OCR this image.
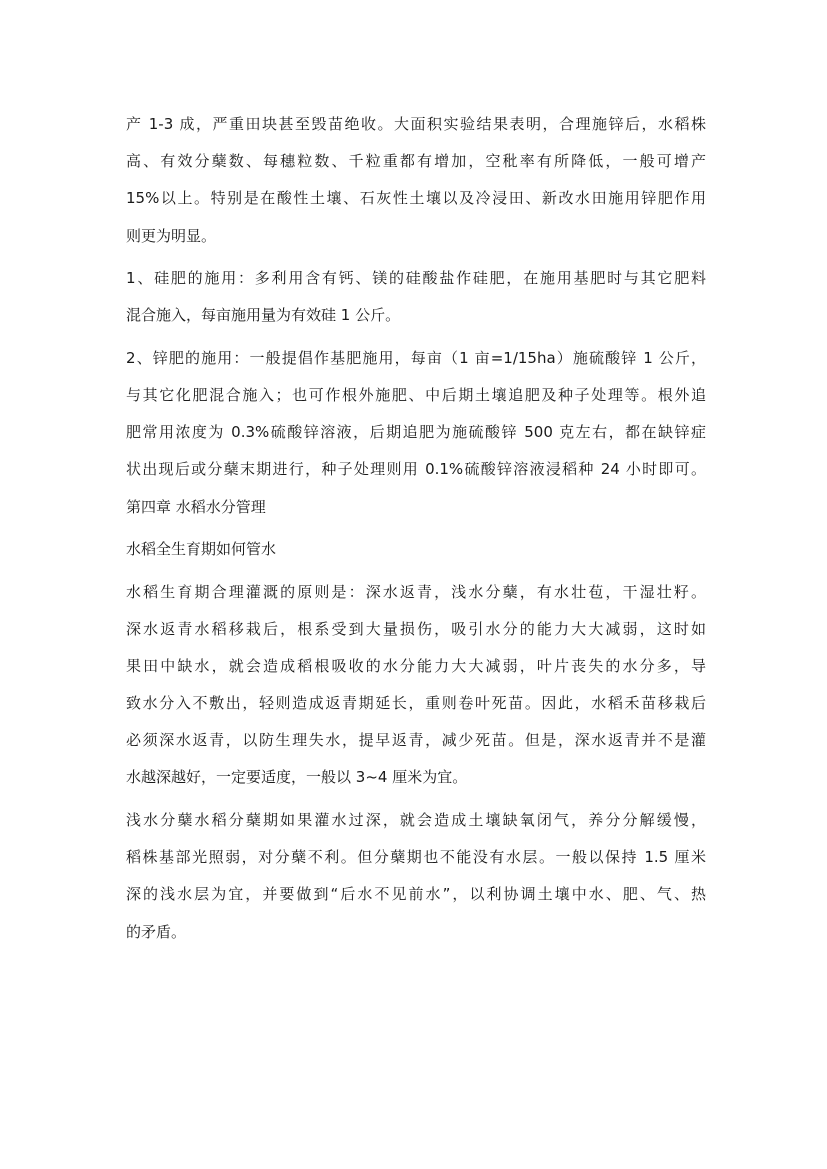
产 1-3 成，严重田块甚至毁苗绝收。大面积实验结果表明，合理施锌后，水稻株
高、有效分蘖数、每穗粒数、千粒重都有增加，空秕率有所降低，一般可增产
15%以上。特别是在酸性土壤、石灰性土壤以及冷浸田、新改水田施用锌肥作用
则更为明显。
1、硅肥的施用：多利用含有钙、镁的硅酸盐作硅肥，在施用基肥时与其它肥料
混合施入，每亩施用量为有效硅 1 公斤。
2、锌肥的施用：一般提倡作基肥施用，每亩（1 亩=1/15ha）施硫酸锌 1 公斤，
与其它化肥混合施入；也可作根外施肥、中后期土壤追肥及种子处理等。根外追
肥常用浓度为 0.3%硫酸锌溶液，后期追肥为施硫酸锌 500 克左右，都在缺锌症
状出现后或分蘖末期进行，种子处理则用 0.1%硫酸锌溶液浸稻种 24 小时即可。
第四章 水稻水分管理
水稻全生育期如何管水
水稻生育期合理灌溉的原则是：深水返青，浅水分蘖，有水壮苞，干湿壮籽。
深水返青水稻移栽后，根系受到大量损伤，吸引水分的能力大大减弱，这时如
果田中缺水，就会造成稻根吸收的水分能力大大减弱，叶片丧失的水分多，导
致水分入不敷出，轻则造成返青期延长，重则卷叶死苗。因此，水稻禾苗移栽后
必须深水返青，以防生理失水，提早返青，减少死苗。但是，深水返青并不是灌
水越深越好，一定要适度，一般以 3~4 厘米为宜。
浅水分蘖水稻分蘖期如果灌水过深，就会造成土壤缺氧闭气，养分分解缓慢，
稻株基部光照弱，对分蘖不利。但分蘖期也不能没有水层。一般以保持 1.5 厘米
深的浅水层为宜，并要做到“后水不见前水”，以利协调土壤中水、肥、气、热
的矛盾。
